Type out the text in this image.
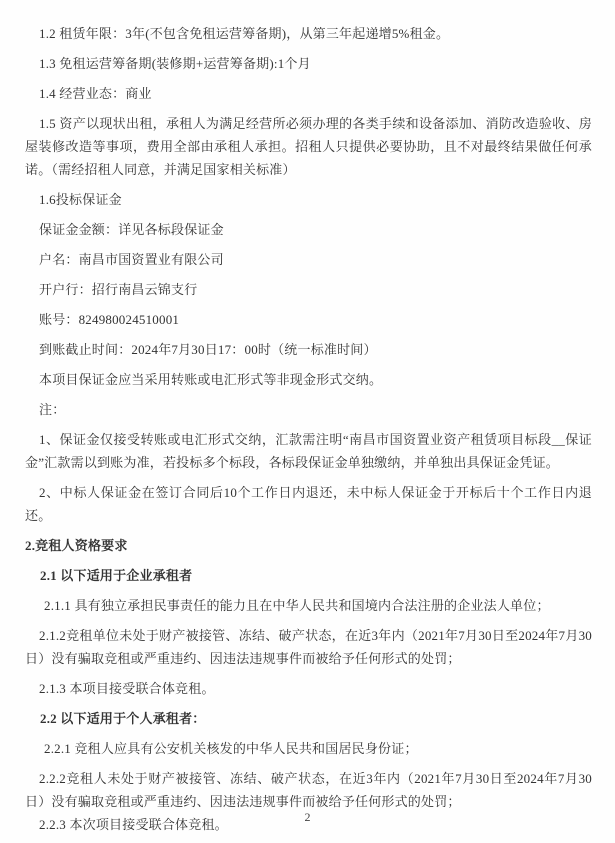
1.2 租赁年限：3年(不包含免租运营筹备期)，从第三年起递增5%租金。

1.3 免租运营筹备期(装修期+运营筹备期):1个月

1.4 经营业态：商业

1.5 资产以现状出租，承租人为满足经营所必须办理的各类手续和设备添加、消防改造验收、房屋装修改造等事项，费用全部由承租人承担。招租人只提供必要协助，且不对最终结果做任何承诺。（需经招租人同意，并满足国家相关标准）

1.6投标保证金

保证金金额：详见各标段保证金

户名：南昌市国资置业有限公司

开户行：招行南昌云锦支行

账号：824980024510001

到账截止时间：2024年7月30日17：00时（统一标准时间）

本项目保证金应当采用转账或电汇形式等非现金形式交纳。

注：

1、保证金仅接受转账或电汇形式交纳，汇款需注明“南昌市国资置业资产租赁项目标段__保证金”汇款需以到账为准，若投标多个标段，各标段保证金单独缴纳，并单独出具保证金凭证。

2、中标人保证金在签订合同后10个工作日内退还，未中标人保证金于开标后十个工作日内退还。

2.竞租人资格要求

2.1 以下适用于企业承租者

2.1.1 具有独立承担民事责任的能力且在中华人民共和国境内合法注册的企业法人单位；

2.1.2竞租单位未处于财产被接管、冻结、破产状态，在近3年内（2021年7月30日至2024年7月30日）没有骗取竞租或严重违约、因违法违规事件而被给予任何形式的处罚；

2.1.3 本项目接受联合体竞租。

2.2 以下适用于个人承租者：

2.2.1 竞租人应具有公安机关核发的中华人民共和国居民身份证；

2.2.2竞租人未处于财产被接管、冻结、破产状态，在近3年内（2021年7月30日至2024年7月30日）没有骗取竞租或严重违约、因违法违规事件而被给予任何形式的处罚；

2.2.3 本次项目接受联合体竞租。	2
